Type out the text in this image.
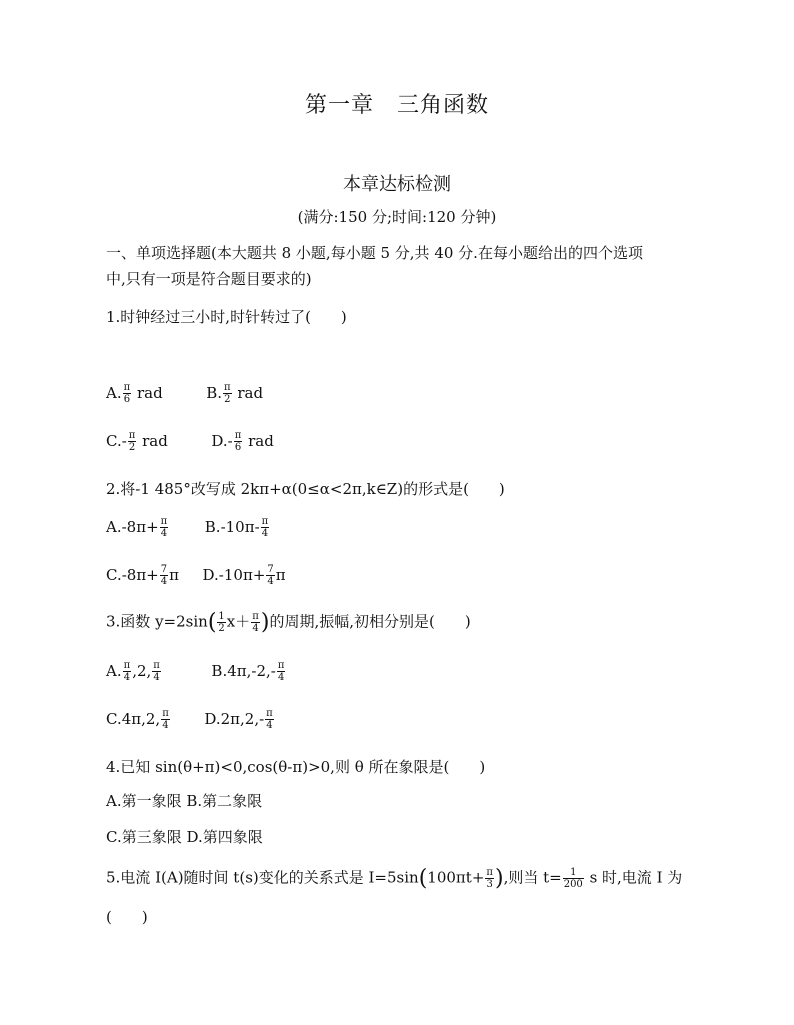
第一章　三角函数
本章达标检测
(满分:150 分;时间:120 分钟)
一、单项选择题(本大题共 8 小题,每小题 5 分,共 40 分.在每小题给出的四个选项
中,只有一项是符合题目要求的)
1.时钟经过三小时,时针转过了(　　)
A. $\frac{\pi}{6}$ rad	B. $\frac{\pi}{2}$ rad
$C.- \frac{\pi}{2}$ rad	$D.- \frac{\pi}{6}$ rad
2.将-1 485°改写成 2kπ+α(0≤α<2π,k∈Z)的形式是(　　)
$A.-8\pi+ \frac{\pi}{4} B.-10\pi- \frac{\pi}{4}$
$C.-8\pi+ \frac{7}{4}$ π $D.-10\pi+ \frac{7}{4}$ π
3.函数 $y=2\sin( \frac{1}{2} x+ \frac{\pi}{4}$ )的周期,振幅,初相分别是(　　)
A. $\frac{\pi}{4} ,2$, $\frac{\pi}{4}$	$B.4\pi,-2,- \frac{\pi}{4}$
C.4π,2, $\frac{\pi}{4} D.2\pi,2,- \frac{\pi}{4}$
4.已知 sin(θ+π)<0,cos(θ-π)>0,则 θ 所在象限是(　　)
A.第一象限 B.第二象限
C.第三象限 D.第四象限
5.电流 I(A)随时间 t(s)变化的关系式是 $I=5\sin(100\pi t+ \frac{\pi}{3}$ ),则当 $t= \frac{1}{200}$ s 时,电流 I 为
(　　)
